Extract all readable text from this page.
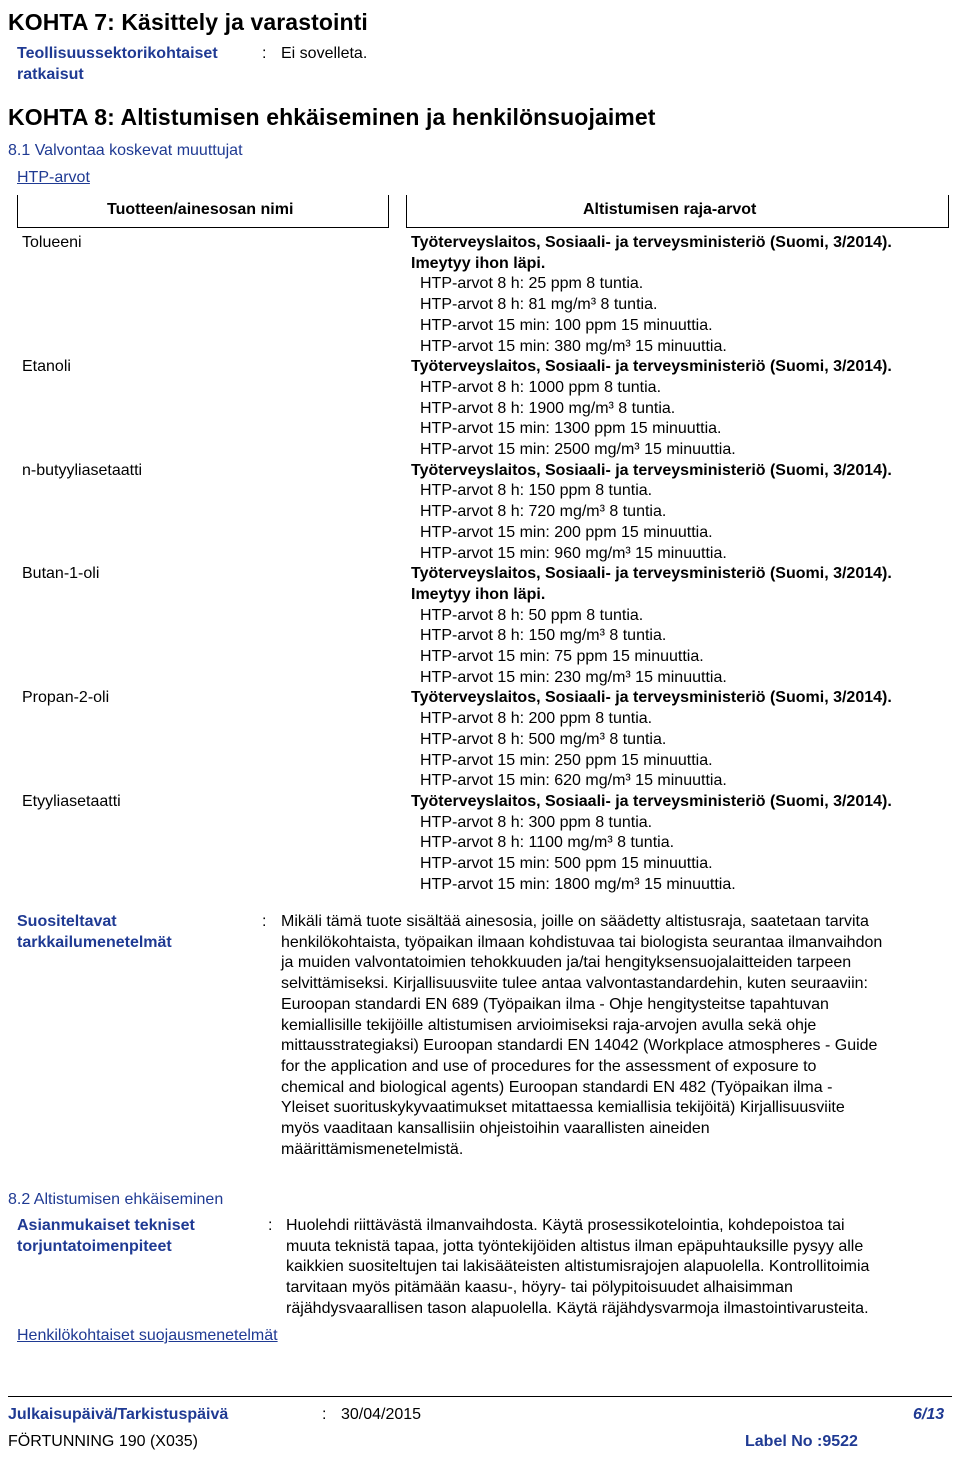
KOHTA 7: Käsittely ja varastointi
Teollisuussektorikohtaiset
ratkaisut
: Ei sovelleta.
KOHTA 8: Altistumisen ehkäiseminen ja henkilönsuojaimet
8.1 Valvontaa koskevat muuttujat
HTP-arvot
Tuotteen/ainesosan nimi	Altistumisen raja-arvot
Tolueeni	Työterveyslaitos, Sosiaali- ja terveysministeriö (Suomi, 3/2014).
Imeytyy ihon läpi.
HTP-arvot 8 h: 25 ppm 8 tuntia.
HTP-arvot 8 h: 81 mg/m³ 8 tuntia.
HTP-arvot 15 min: 100 ppm 15 minuuttia.
HTP-arvot 15 min: 380 mg/m³ 15 minuuttia.
Etanoli	Työterveyslaitos, Sosiaali- ja terveysministeriö (Suomi, 3/2014).
HTP-arvot 8 h: 1000 ppm 8 tuntia.
HTP-arvot 8 h: 1900 mg/m³ 8 tuntia.
HTP-arvot 15 min: 1300 ppm 15 minuuttia.
HTP-arvot 15 min: 2500 mg/m³ 15 minuuttia.
n-butyyliasetaatti	Työterveyslaitos, Sosiaali- ja terveysministeriö (Suomi, 3/2014).
HTP-arvot 8 h: 150 ppm 8 tuntia.
HTP-arvot 8 h: 720 mg/m³ 8 tuntia.
HTP-arvot 15 min: 200 ppm 15 minuuttia.
HTP-arvot 15 min: 960 mg/m³ 15 minuuttia.
Butan-1-oli	Työterveyslaitos, Sosiaali- ja terveysministeriö (Suomi, 3/2014).
Imeytyy ihon läpi.
HTP-arvot 8 h: 50 ppm 8 tuntia.
HTP-arvot 8 h: 150 mg/m³ 8 tuntia.
HTP-arvot 15 min: 75 ppm 15 minuuttia.
HTP-arvot 15 min: 230 mg/m³ 15 minuuttia.
Propan-2-oli	Työterveyslaitos, Sosiaali- ja terveysministeriö (Suomi, 3/2014).
HTP-arvot 8 h: 200 ppm 8 tuntia.
HTP-arvot 8 h: 500 mg/m³ 8 tuntia.
HTP-arvot 15 min: 250 ppm 15 minuuttia.
HTP-arvot 15 min: 620 mg/m³ 15 minuuttia.
Etyyliasetaatti	Työterveyslaitos, Sosiaali- ja terveysministeriö (Suomi, 3/2014).
HTP-arvot 8 h: 300 ppm 8 tuntia.
HTP-arvot 8 h: 1100 mg/m³ 8 tuntia.
HTP-arvot 15 min: 500 ppm 15 minuuttia.
HTP-arvot 15 min: 1800 mg/m³ 15 minuuttia.
Suositeltavat
tarkkailumenetelmät
: Mikäli tämä tuote sisältää ainesosia, joille on säädetty altistusraja, saatetaan tarvita
henkilökohtaista, työpaikan ilmaan kohdistuvaa tai biologista seurantaa ilmanvaihdon
ja muiden valvontatoimien tehokkuuden ja/tai hengityksensuojalaitteiden tarpeen
selvittämiseksi. Kirjallisuusviite tulee antaa valvontastandardehin, kuten seuraaviin:
Euroopan standardi EN 689 (Työpaikan ilma - Ohje hengitysteitse tapahtuvan
kemiallisille tekijöille altistumisen arvioimiseksi raja-arvojen avulla sekä ohje
mittausstrategiaksi) Euroopan standardi EN 14042 (Workplace atmospheres - Guide
for the application and use of procedures for the assessment of exposure to
chemical and biological agents) Euroopan standardi EN 482 (Työpaikan ilma -
Yleiset suorituskykyvaatimukset mitattaessa kemiallisia tekijöitä) Kirjallisuusviite
myös vaaditaan kansallisiin ohjeistoihin vaarallisten aineiden
määrittämismenetelmistä.
8.2 Altistumisen ehkäiseminen
Asianmukaiset tekniset
torjuntatoimenpiteet
: Huolehdi riittävästä ilmanvaihdosta. Käytä prosessikotelointia, kohdepoistoa tai
muuta teknistä tapaa, jotta työntekijöiden altistus ilman epäpuhtauksille pysyy alle
kaikkien suositeltujen tai lakisääteisten altistumisrajojen alapuolella. Kontrollitoimia
tarvitaan myös pitämään kaasu-, höyry- tai pölypitoisuudet alhaisimman
räjähdysvaarallisen tason alapuolella. Käytä räjähdysvarmoja ilmastointivarusteita.
Henkilökohtaiset suojausmenetelmät
Julkaisupäivä/Tarkistuspäivä	: 30/04/2015	6/13
FÖRTUNNING 190 (X035)	Label No :9522
